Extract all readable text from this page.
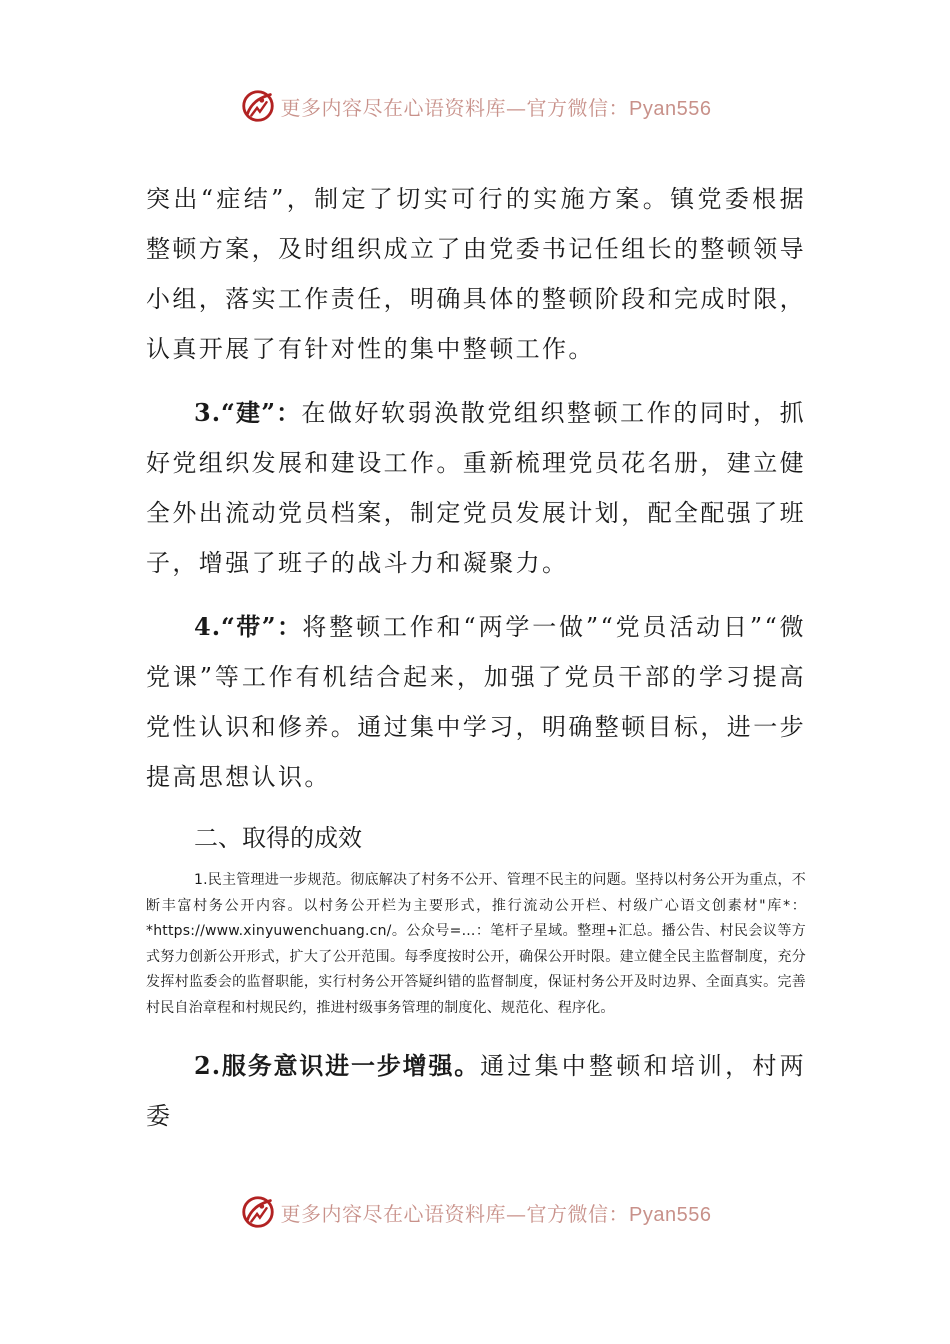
更多内容尽在心语资料库—官方微信：Pyan556

突出“症结”，制定了切实可行的实施方案。镇党委根据整顿方案，及时组织成立了由党委书记任组长的整顿领导小组，落实工作责任，明确具体的整顿阶段和完成时限，认真开展了有针对性的集中整顿工作。

3.“建”：在做好软弱涣散党组织整顿工作的同时，抓好党组织发展和建设工作。重新梳理党员花名册，建立健全外出流动党员档案，制定党员发展计划，配全配强了班子，增强了班子的战斗力和凝聚力。

4.“带”：将整顿工作和“两学一做”“党员活动日”“微党课”等工作有机结合起来，加强了党员干部的学习提高党性认识和修养。通过集中学习，明确整顿目标，进一步提高思想认识。

二、取得的成效

1.民主管理进一步规范。彻底解决了村务不公开、管理不民主的问题。坚持以村务公开为重点，不断丰富村务公开内容。以村务公开栏为主要形式，推行流动公开栏、村级广心语文创素材"库*：*https://www.xinyuwenchuang.cn/。公众号=...：笔杆子星域。整理+汇总。播公告、村民会议等方式努力创新公开形式，扩大了公开范围。每季度按时公开，确保公开时限。建立健全民主监督制度，充分发挥村监委会的监督职能，实行村务公开答疑纠错的监督制度，保证村务公开及时边界、全面真实。完善村民自治章程和村规民约，推进村级事务管理的制度化、规范化、程序化。

2.服务意识进一步增强。通过集中整顿和培训，村两委

更多内容尽在心语资料库—官方微信：Pyan556
